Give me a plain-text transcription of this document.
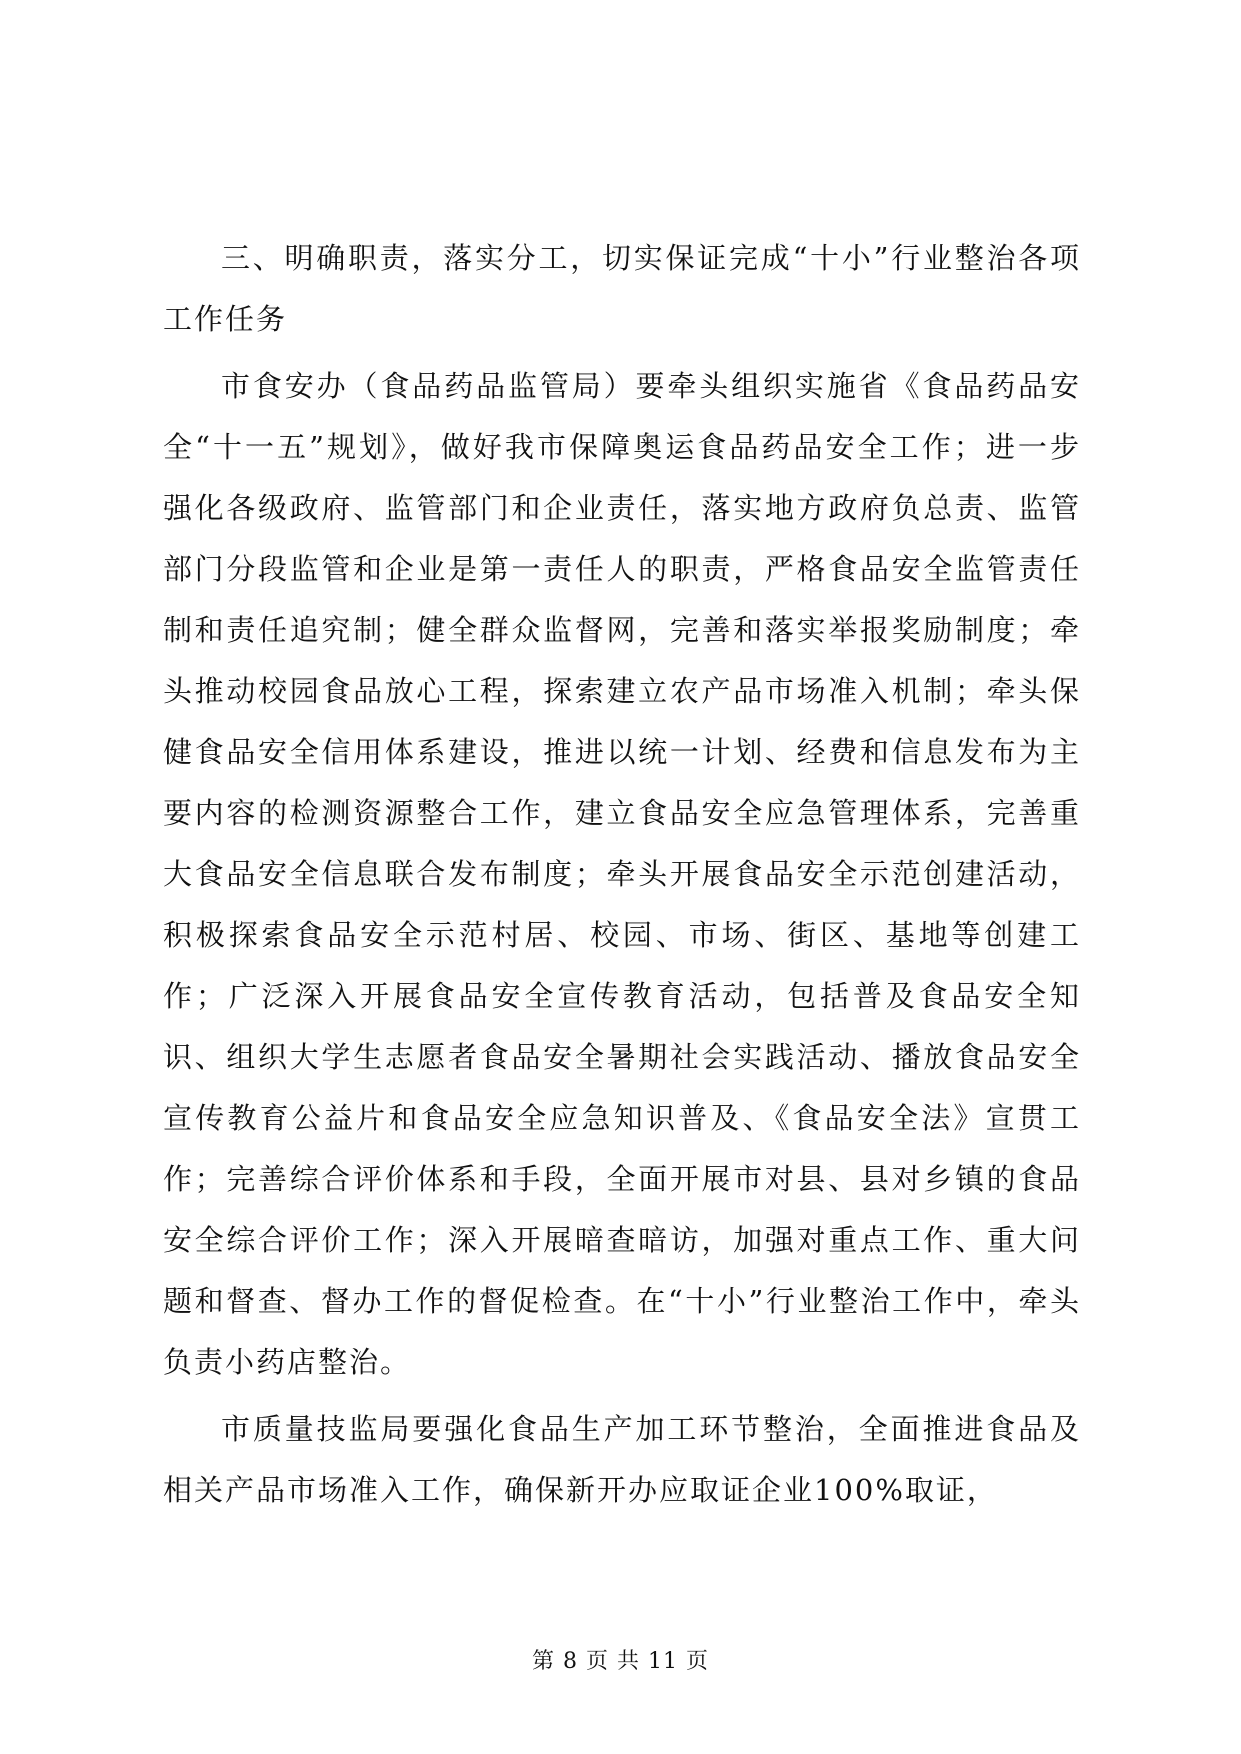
三、明确职责，落实分工，切实保证完成“十小”行业整治各项工作任务

市食安办（食品药品监管局）要牵头组织实施省《食品药品安全“十一五”规划》，做好我市保障奥运食品药品安全工作；进一步强化各级政府、监管部门和企业责任，落实地方政府负总责、监管部门分段监管和企业是第一责任人的职责，严格食品安全监管责任制和责任追究制；健全群众监督网，完善和落实举报奖励制度；牵头推动校园食品放心工程，探索建立农产品市场准入机制；牵头保健食品安全信用体系建设，推进以统一计划、经费和信息发布为主要内容的检测资源整合工作，建立食品安全应急管理体系，完善重大食品安全信息联合发布制度；牵头开展食品安全示范创建活动，积极探索食品安全示范村居、校园、市场、街区、基地等创建工作；广泛深入开展食品安全宣传教育活动，包括普及食品安全知识、组织大学生志愿者食品安全暑期社会实践活动、播放食品安全宣传教育公益片和食品安全应急知识普及、《食品安全法》宣贯工作；完善综合评价体系和手段，全面开展市对县、县对乡镇的食品安全综合评价工作；深入开展暗查暗访，加强对重点工作、重大问题和督查、督办工作的督促检查。在“十小”行业整治工作中，牵头负责小药店整治。

市质量技监局要强化食品生产加工环节整治，全面推进食品及相关产品市场准入工作，确保新开办应取证企业100%取证，

第 8 页 共 11 页
